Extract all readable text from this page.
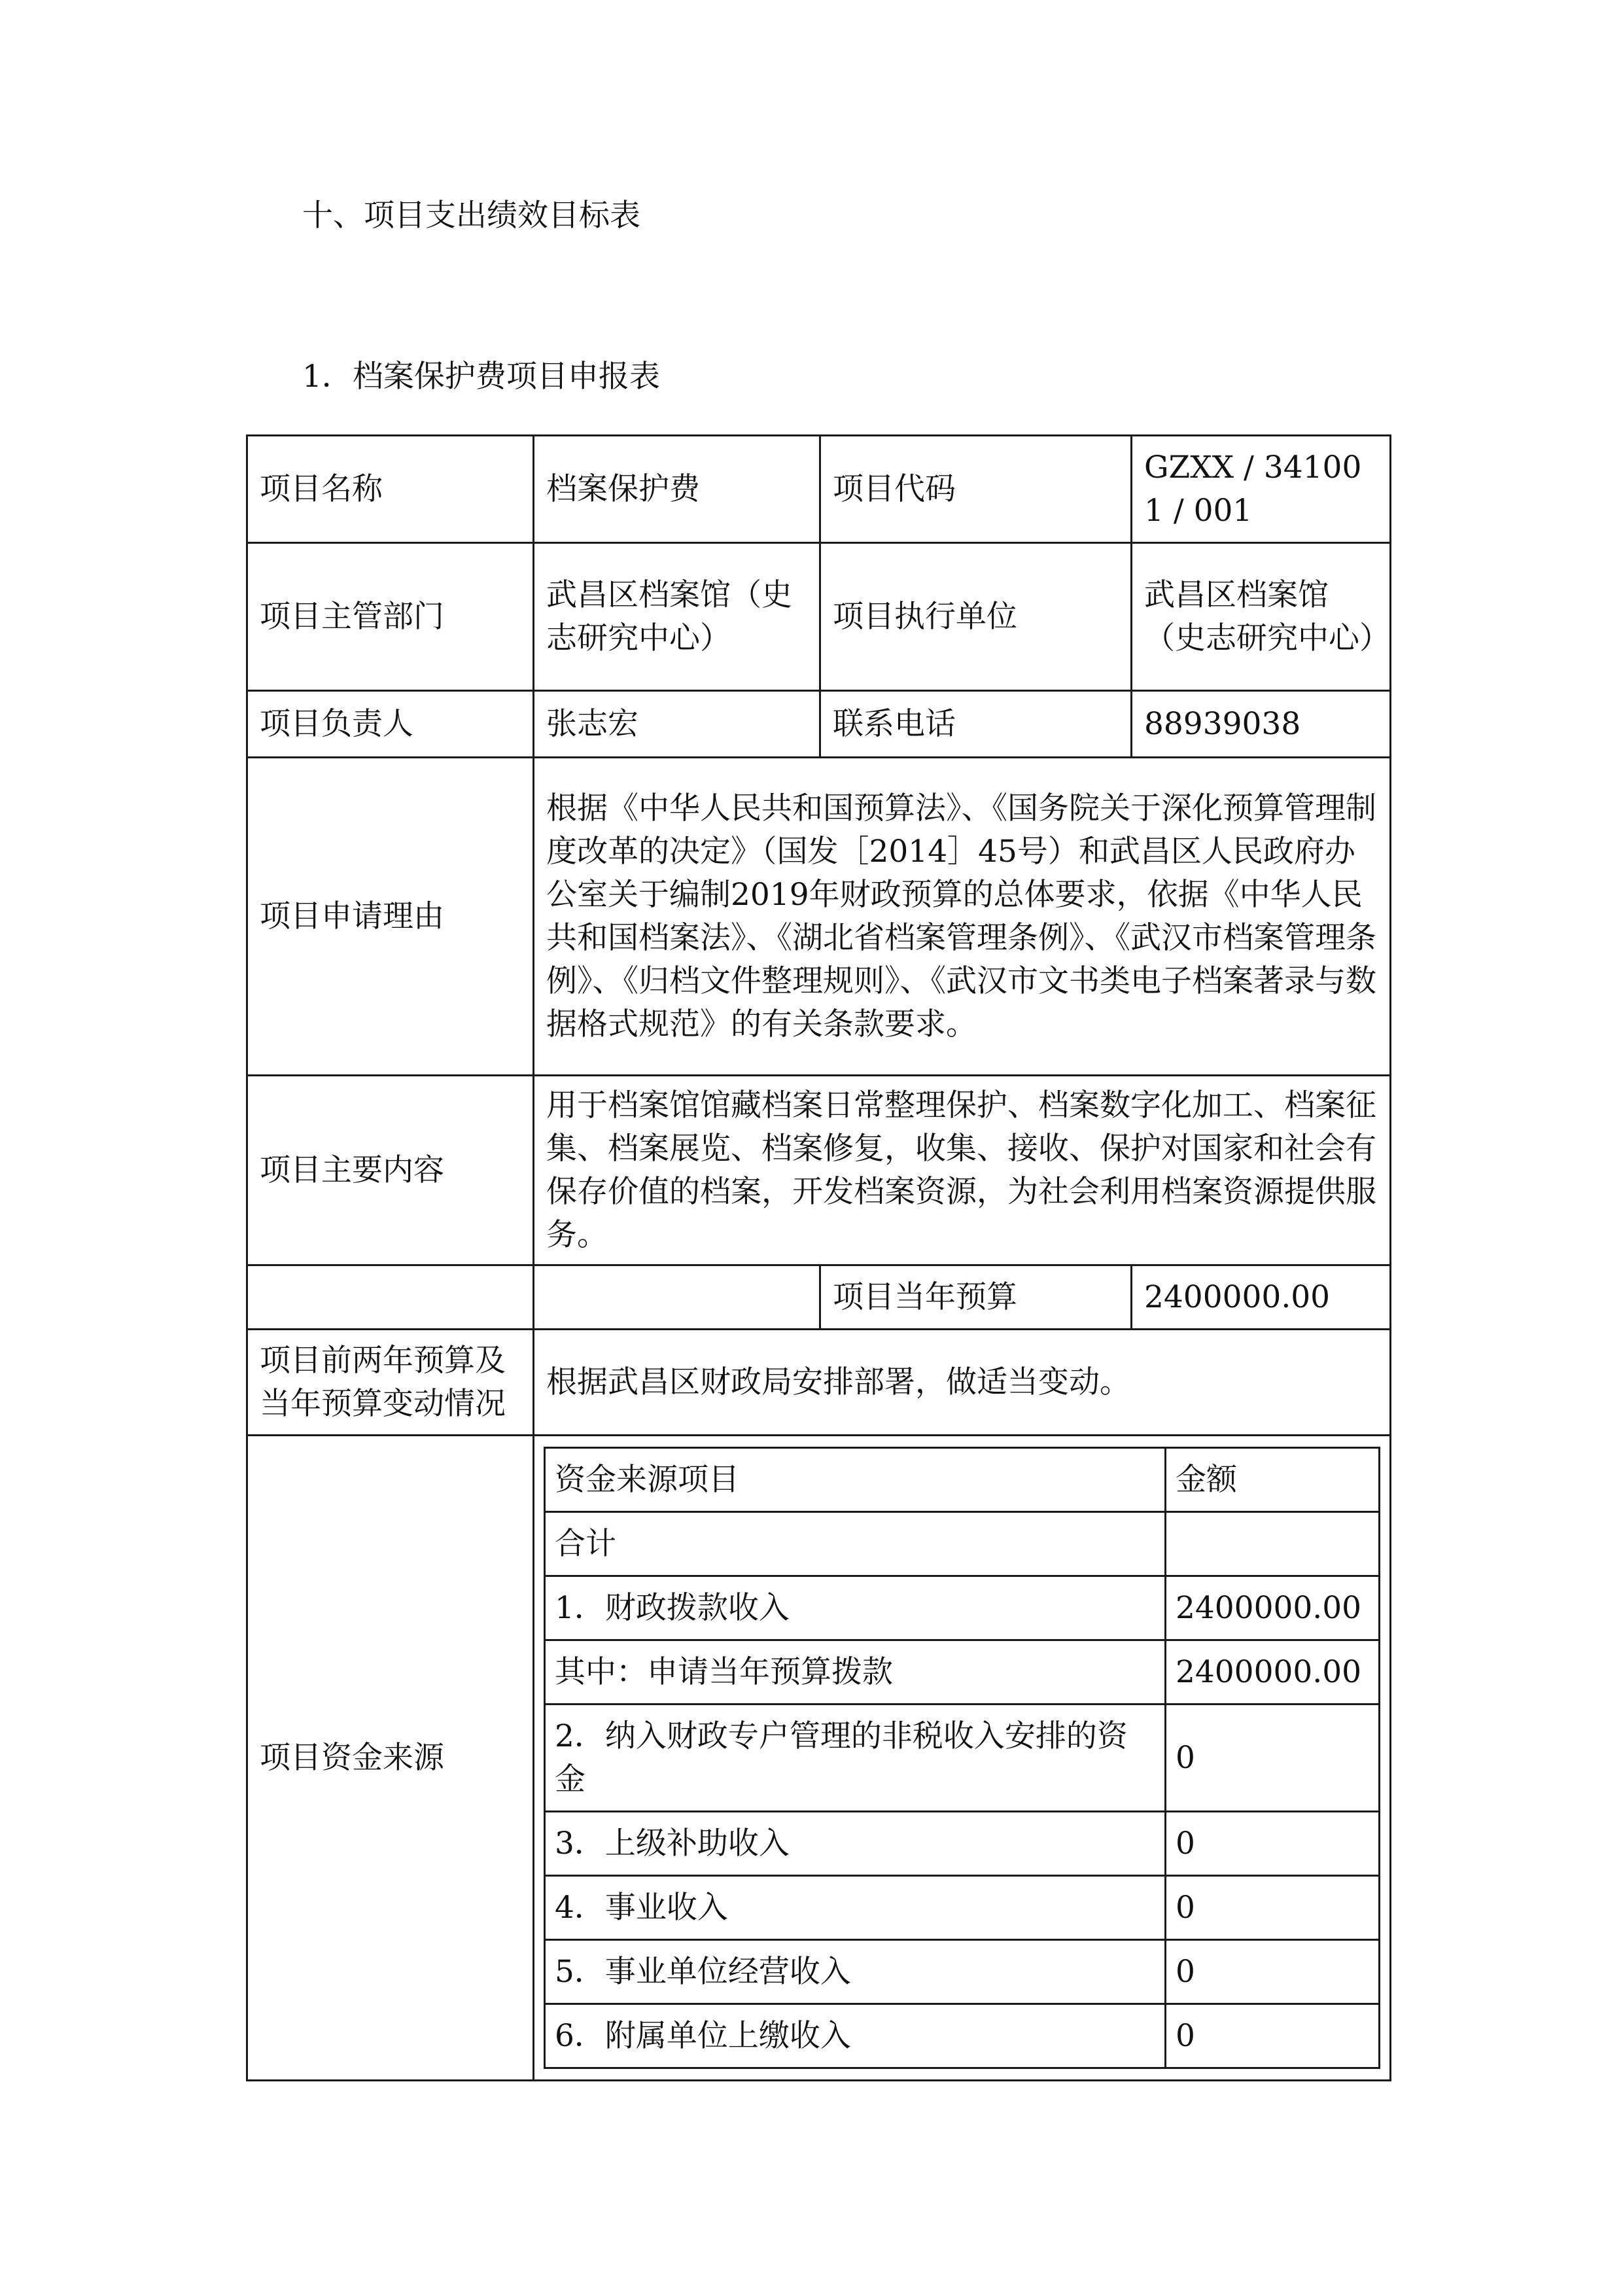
十、项目支出绩效目标表
1．档案保护费项目申报表
项目名称	档案保护费	项目代码	GZXX / 341001 / 001
项目主管部门	武昌区档案馆（史志研究中心）	项目执行单位	武昌区档案馆（史志研究中心）
项目负责人	张志宏	联系电话	88939038
项目申请理由	根据《中华人民共和国预算法》、《国务院关于深化预算管理制度改革的决定》（国发［2014］45号）和武昌区人民政府办公室关于编制2019年财政预算的总体要求，依据《中华人民共和国档案法》、《湖北省档案管理条例》、《武汉市档案管理条例》、《归档文件整理规则》、《武汉市文书类电子档案著录与数据格式规范》的有关条款要求。
项目主要内容	用于档案馆馆藏档案日常整理保护、档案数字化加工、档案征集、档案展览、档案修复，收集、接收、保护对国家和社会有保存价值的档案，开发档案资源，为社会利用档案资源提供服务。
		项目当年预算	2400000.00
项目前两年预算及当年预算变动情况	根据武昌区财政局安排部署，做适当变动。
项目资金来源	
资金来源项目	金额
合计	
1．财政拨款收入	2400000.00
其中：申请当年预算拨款	2400000.00
2．纳入财政专户管理的非税收入安排的资金	0
3．上级补助收入	0
4．事业收入	0
5．事业单位经营收入	0
6．附属单位上缴收入	0
